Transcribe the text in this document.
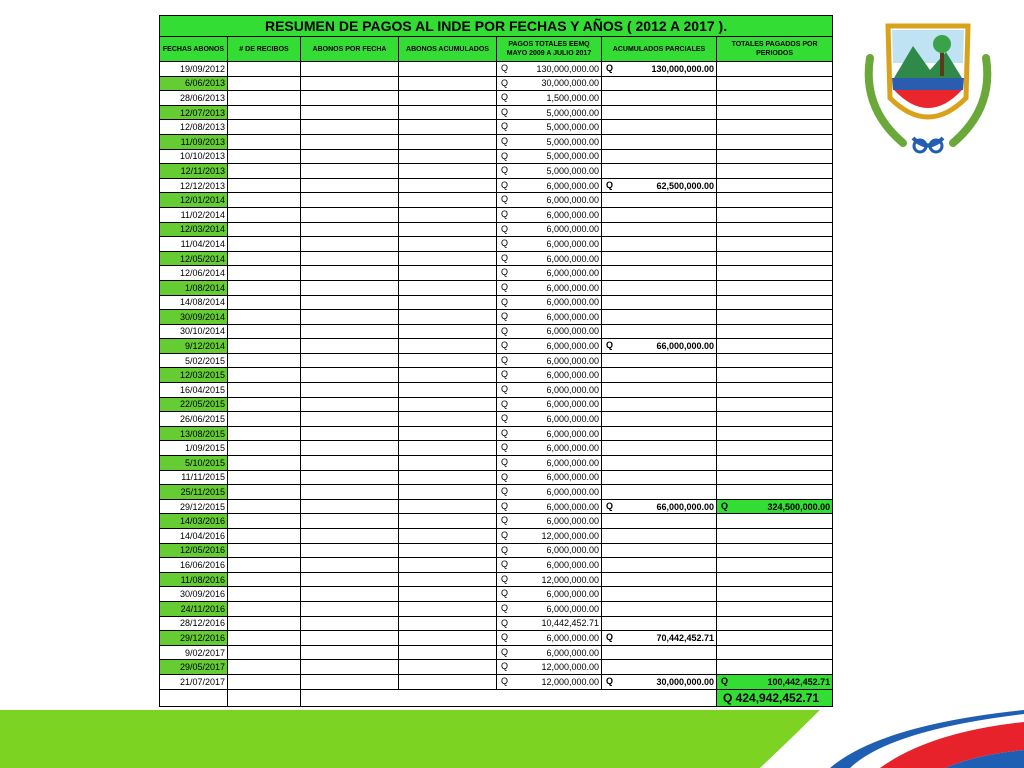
RESUMEN DE PAGOS AL INDE POR FECHAS Y AÑOS ( 2012 A 2017 ).						
FECHAS ABONOS	# DE RECIBOS	ABONOS POR FECHA	ABONOS ACUMULADOS	PAGOS TOTALES EEMQ MAYO 2009 A JULIO 2017	ACUMULADOS PARCIALES	TOTALES PAGADOS POR PERIODOS
19/09/2012				Q 130,000,000.00	Q 130,000,000.00	

6/06/2013				Q 30,000,000.00		

28/06/2013				Q 1,500,000.00		

12/07/2013				Q 5,000,000.00		

12/08/2013				Q 5,000,000.00		

11/09/2013				Q 5,000,000.00		

10/10/2013				Q 5,000,000.00		

12/11/2013				Q 5,000,000.00		

12/12/2013				Q 6,000,000.00	Q 62,500,000.00	

12/01/2014				Q 6,000,000.00		

11/02/2014				Q 6,000,000.00		

12/03/2014				Q 6,000,000.00		

11/04/2014				Q 6,000,000.00		

12/05/2014				Q 6,000,000.00		

12/06/2014				Q 6,000,000.00		

1/08/2014				Q 6,000,000.00		

14/08/2014				Q 6,000,000.00		

30/09/2014				Q 6,000,000.00		

30/10/2014				Q 6,000,000.00		

9/12/2014				Q 6,000,000.00	Q 66,000,000.00	

5/02/2015				Q 6,000,000.00		

12/03/2015				Q 6,000,000.00		

16/04/2015				Q 6,000,000.00		

22/05/2015				Q 6,000,000.00		

26/06/2015				Q 6,000,000.00		

13/08/2015				Q 6,000,000.00		

1/09/2015				Q 6,000,000.00		

5/10/2015				Q 6,000,000.00		

11/11/2015				Q 6,000,000.00		

25/11/2015				Q 6,000,000.00		

29/12/2015				Q 6,000,000.00	Q 66,000,000.00	Q 324,500,000.00

14/03/2016				Q 6,000,000.00		

14/04/2016				Q 12,000,000.00		

12/05/2016				Q 6,000,000.00		

16/06/2016				Q 6,000,000.00		

11/08/2016				Q 12,000,000.00		

30/09/2016				Q 6,000,000.00		

24/11/2016				Q 6,000,000.00		

28/12/2016				Q 10,442,452.71		

29/12/2016				Q 6,000,000.00	Q 70,442,452.71	

9/02/2017				Q 6,000,000.00		

29/05/2017				Q 12,000,000.00		

21/07/2017				Q 12,000,000.00	Q 30,000,000.00	Q 100,442,452.71

						Q 424,942,452.71
